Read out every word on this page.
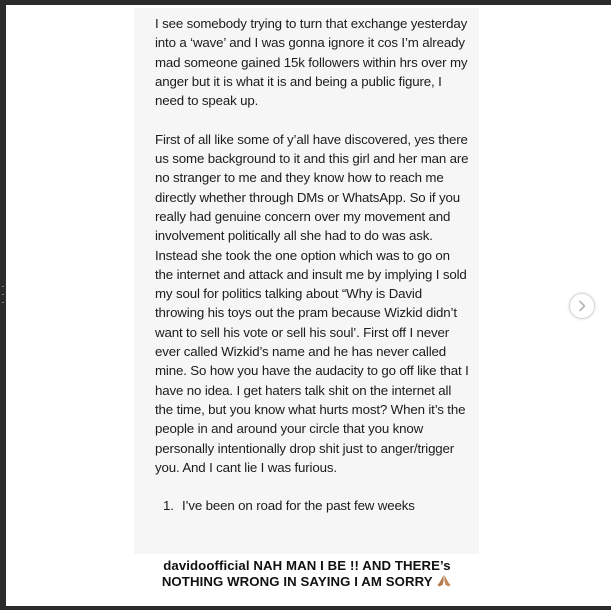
·
·
·

I see somebody trying to turn that exchange yesterday into a ‘wave’ and I was gonna ignore it cos I’m already mad someone gained 15k followers within hrs over my anger but it is what it is and being a public figure, I need to speak up.

First of all like some of y’all have discovered, yes there us some background to it and this girl and her man are no stranger to me and they know how to reach me directly whether through DMs or WhatsApp. So if you really had genuine concern over my movement and involvement politically all she had to do was ask. Instead she took the one option which was to go on the internet and attack and insult me by implying I sold my soul for politics talking about “Why is David throwing his toys out the pram because Wizkid didn’t want to sell his vote or sell his soul’. First off I never ever called Wizkid’s name and he has never called mine. So how you have the audacity to go off like that I have no idea. I get haters talk shit on the internet all the time, but you know what hurts most? When it’s the people in and around your circle that you know personally intentionally drop shit just to anger/trigger you. And I cant lie I was furious.

1. I’ve been on road for the past few weeks
davidoofficial NAH MAN I BE !! AND THERE’s NOTHING WRONG IN SAYING I AM SORRY
